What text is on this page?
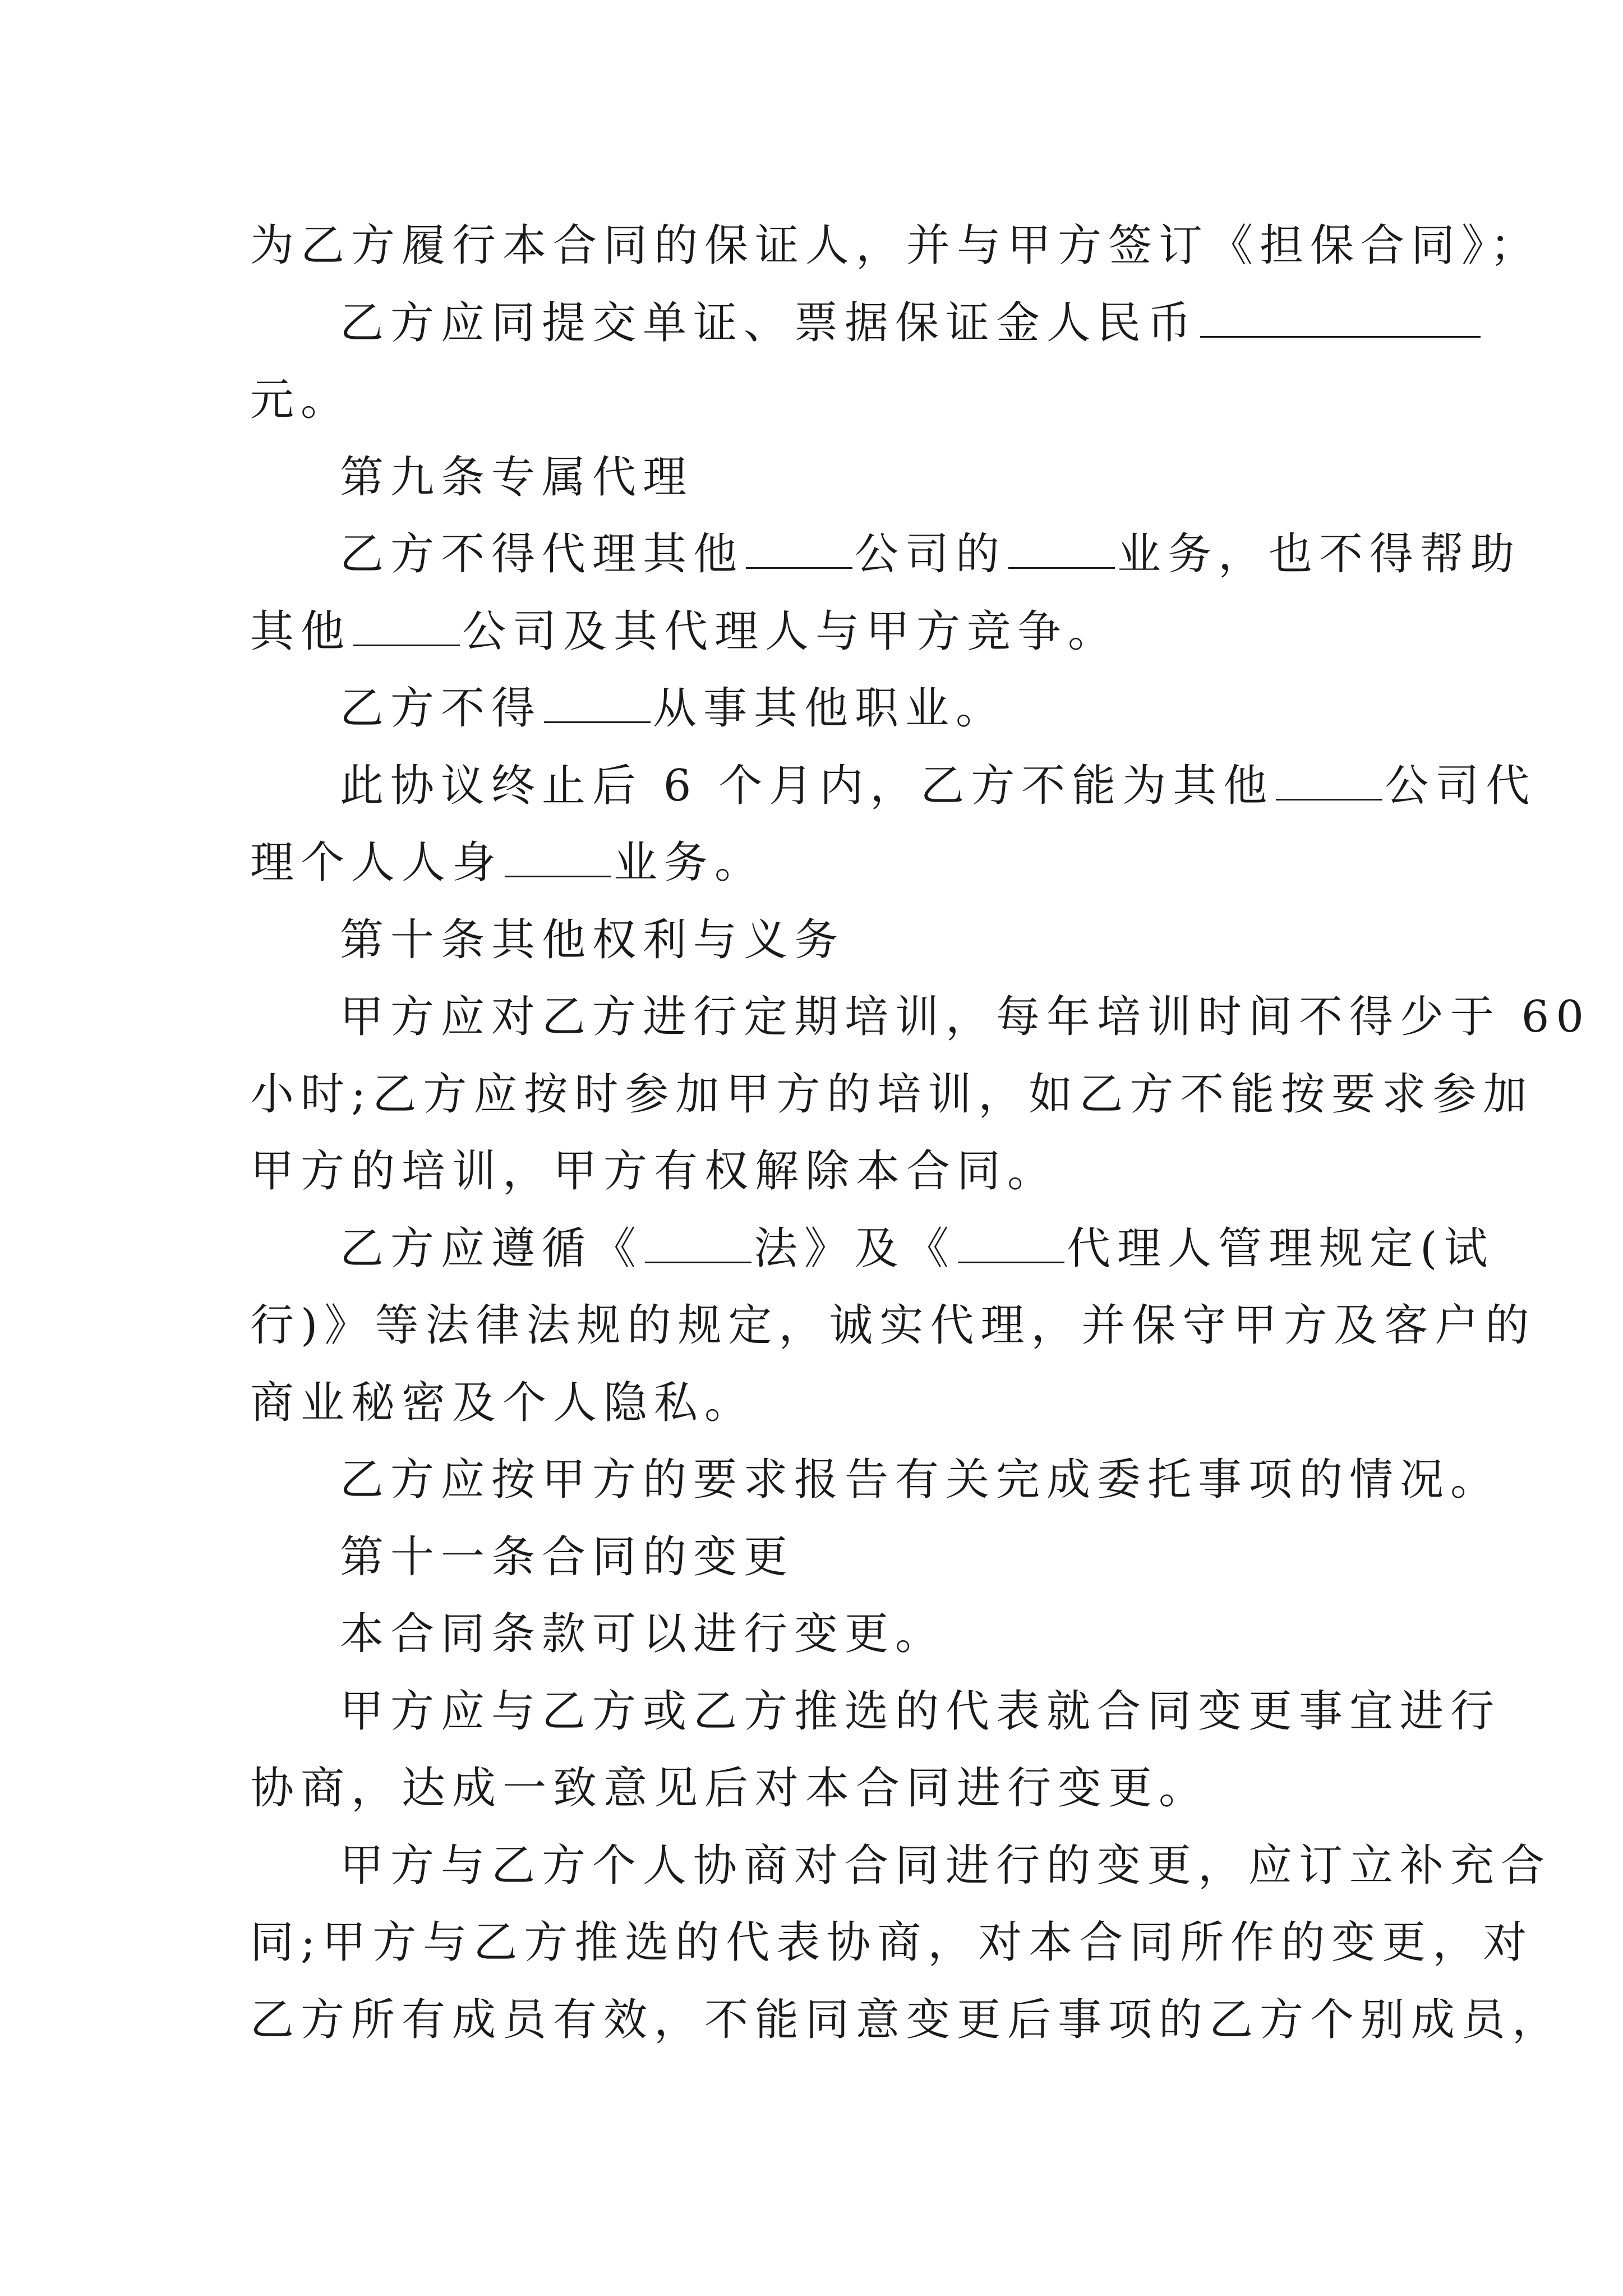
为乙方履行本合同的保证人，并与甲方签订《担保合同》；
乙方应同提交单证、票据保证金人民币
元。
第九条专属代理
乙方不得代理其他	公司的	业务，也不得帮助
其他	公司及其代理人与甲方竞争。
乙方不得	从事其他职业。
此协议终止后 6 个月内，乙方不能为其他	公司代
理个人人身	业务。
第十条其他权利与义务
甲方应对乙方进行定期培训，每年培训时间不得少于 60
小时;乙方应按时参加甲方的培训，如乙方不能按要求参加
甲方的培训，甲方有权解除本合同。
乙方应遵循《	法》及《	代理人管理规定(试
行)》等法律法规的规定，诚实代理，并保守甲方及客户的
商业秘密及个人隐私。
乙方应按甲方的要求报告有关完成委托事项的情况。
第十一条合同的变更
本合同条款可以进行变更。
甲方应与乙方或乙方推选的代表就合同变更事宜进行
协商，达成一致意见后对本合同进行变更。
甲方与乙方个人协商对合同进行的变更，应订立补充合
同;甲方与乙方推选的代表协商，对本合同所作的变更，对
乙方所有成员有效，不能同意变更后事项的乙方个别成员，
